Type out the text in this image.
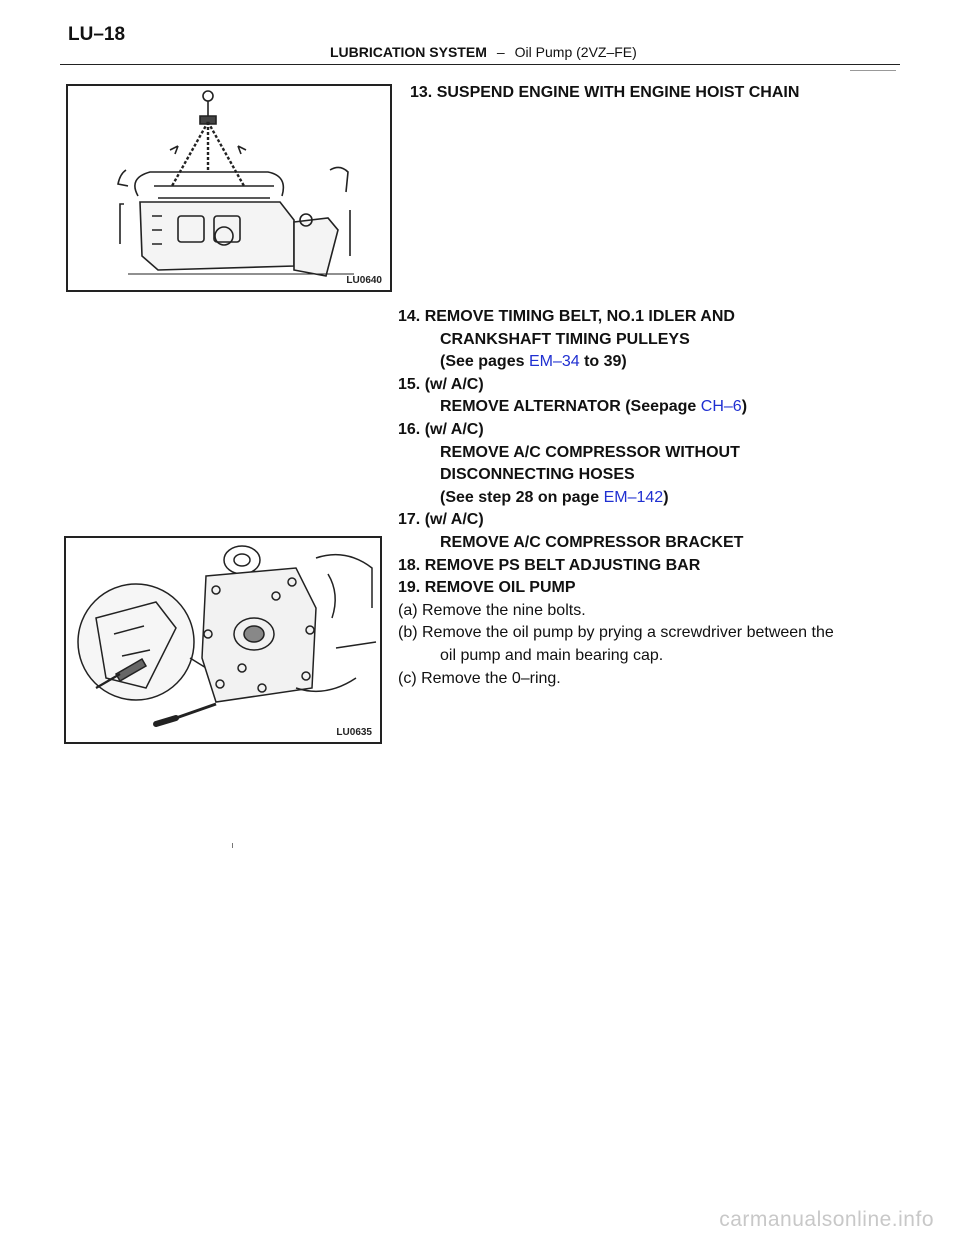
LU–18
LUBRICATION SYSTEM – Oil Pump (2VZ–FE)
LU0640
LU0635
13. SUSPEND ENGINE WITH ENGINE HOIST CHAIN
14. REMOVE TIMING BELT, NO.1 IDLER AND
CRANKSHAFT TIMING PULLEYS
(See pages EM–34 to 39)
15. (w/ A/C)
REMOVE ALTERNATOR (Seepage CH–6)
16. (w/ A/C)
REMOVE A/C COMPRESSOR WITHOUT
DISCONNECTING HOSES
(See step 28 on page EM–142)
17. (w/ A/C)
REMOVE A/C COMPRESSOR BRACKET
18. REMOVE PS BELT ADJUSTING BAR
19. REMOVE OIL PUMP
(a) Remove the nine bolts.
(b) Remove the oil pump by prying a screwdriver between the
oil pump and main bearing cap.
(c) Remove the 0–ring.
carmanualsonline.info
